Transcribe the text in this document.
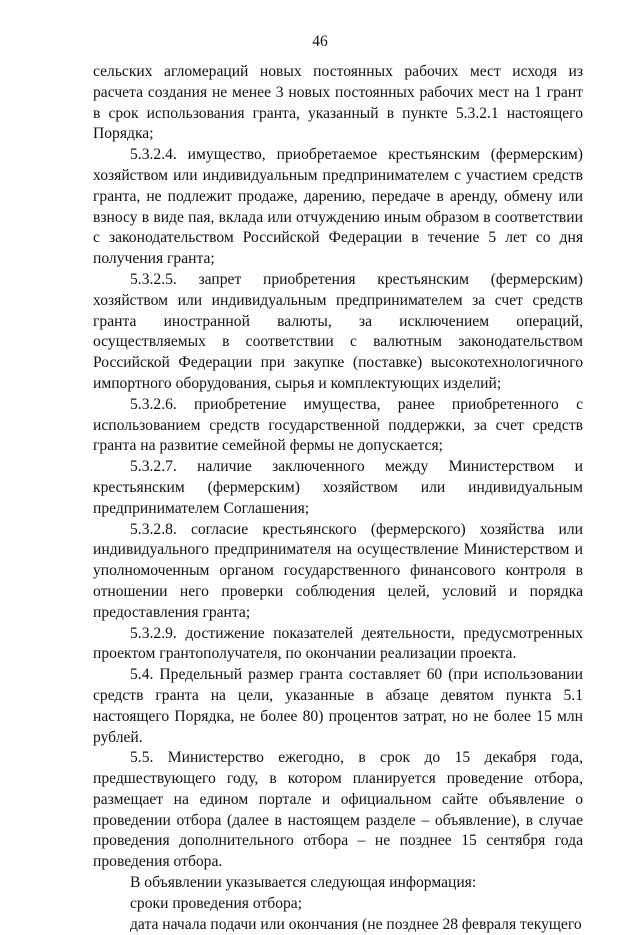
46

сельских агломераций новых постоянных рабочих мест исходя из расчета создания не менее 3 новых постоянных рабочих мест на 1 грант в срок использования гранта, указанный в пункте 5.3.2.1 настоящего Порядка;

5.3.2.4. имущество, приобретаемое крестьянским (фермерским) хозяйством или индивидуальным предпринимателем с участием средств гранта, не подлежит продаже, дарению, передаче в аренду, обмену или взносу в виде пая, вклада или отчуждению иным образом в соответствии с законодательством Российской Федерации в течение 5 лет со дня получения гранта;

5.3.2.5. запрет приобретения крестьянским (фермерским) хозяйством или индивидуальным предпринимателем за счет средств гранта иностранной валюты, за исключением операций, осуществляемых в соответствии с валютным законодательством Российской Федерации при закупке (поставке) высокотехнологичного импортного оборудования, сырья и комплектующих изделий;

5.3.2.6. приобретение имущества, ранее приобретенного с использованием средств государственной поддержки, за счет средств гранта на развитие семейной фермы не допускается;

5.3.2.7. наличие заключенного между Министерством и крестьянским (фермерским) хозяйством или индивидуальным предпринимателем Соглашения;

5.3.2.8. согласие крестьянского (фермерского) хозяйства или индивидуального предпринимателя на осуществление Министерством и уполномоченным органом государственного финансового контроля в отношении него проверки соблюдения целей, условий и порядка предоставления гранта;

5.3.2.9. достижение показателей деятельности, предусмотренных проектом грантополучателя, по окончании реализации проекта.

5.4. Предельный размер гранта составляет 60 (при использовании средств гранта на цели, указанные в абзаце девятом пункта 5.1 настоящего Порядка, не более 80) процентов затрат, но не более 15 млн рублей.

5.5. Министерство ежегодно, в срок до 15 декабря года, предшествующего году, в котором планируется проведение отбора, размещает на едином портале и официальном сайте объявление о проведении отбора (далее в настоящем разделе – объявление), в случае проведения дополнительного отбора – не позднее 15 сентября года проведения отбора.

В объявлении указывается следующая информация:

сроки проведения отбора;

дата начала подачи или окончания (не позднее 28 февраля текущего
